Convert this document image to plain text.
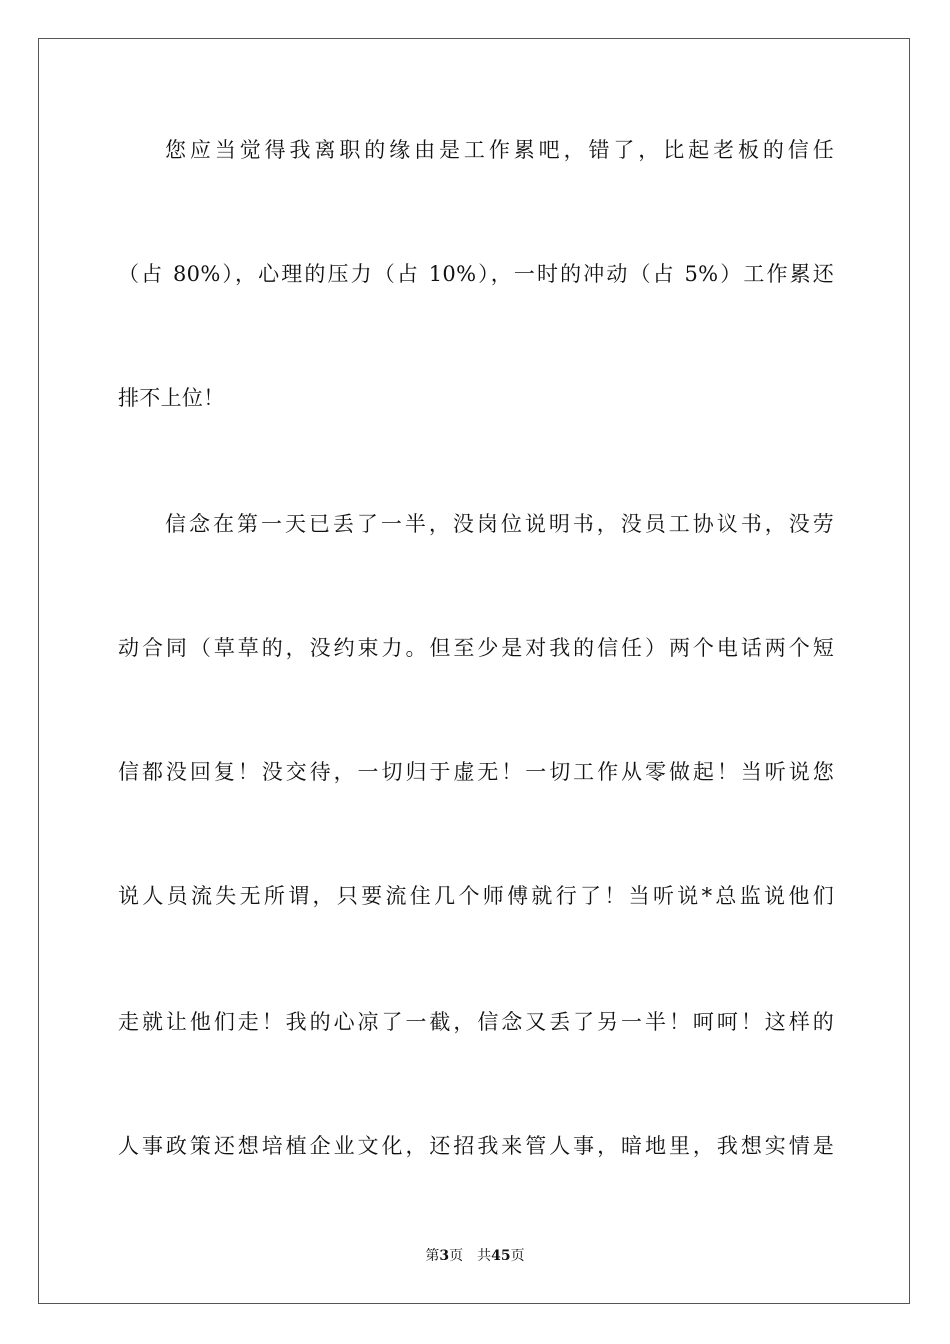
您应当觉得我离职的缘由是工作累吧，错了，比起老板的信任
（占 80%），心理的压力（占 10%），一时的冲动（占 5%）工作累还
排不上位！
信念在第一天已丢了一半，没岗位说明书，没员工协议书，没劳
动合同（草草的，没约束力。但至少是对我的信任）两个电话两个短
信都没回复！没交待，一切归于虚无！一切工作从零做起！当听说您
说人员流失无所谓，只要流住几个师傅就行了！当听说*总监说他们
走就让他们走！我的心凉了一截，信念又丢了另一半！呵呵！这样的
人事政策还想培植企业文化，还招我来管人事，暗地里，我想实情是
第3页 共45页
